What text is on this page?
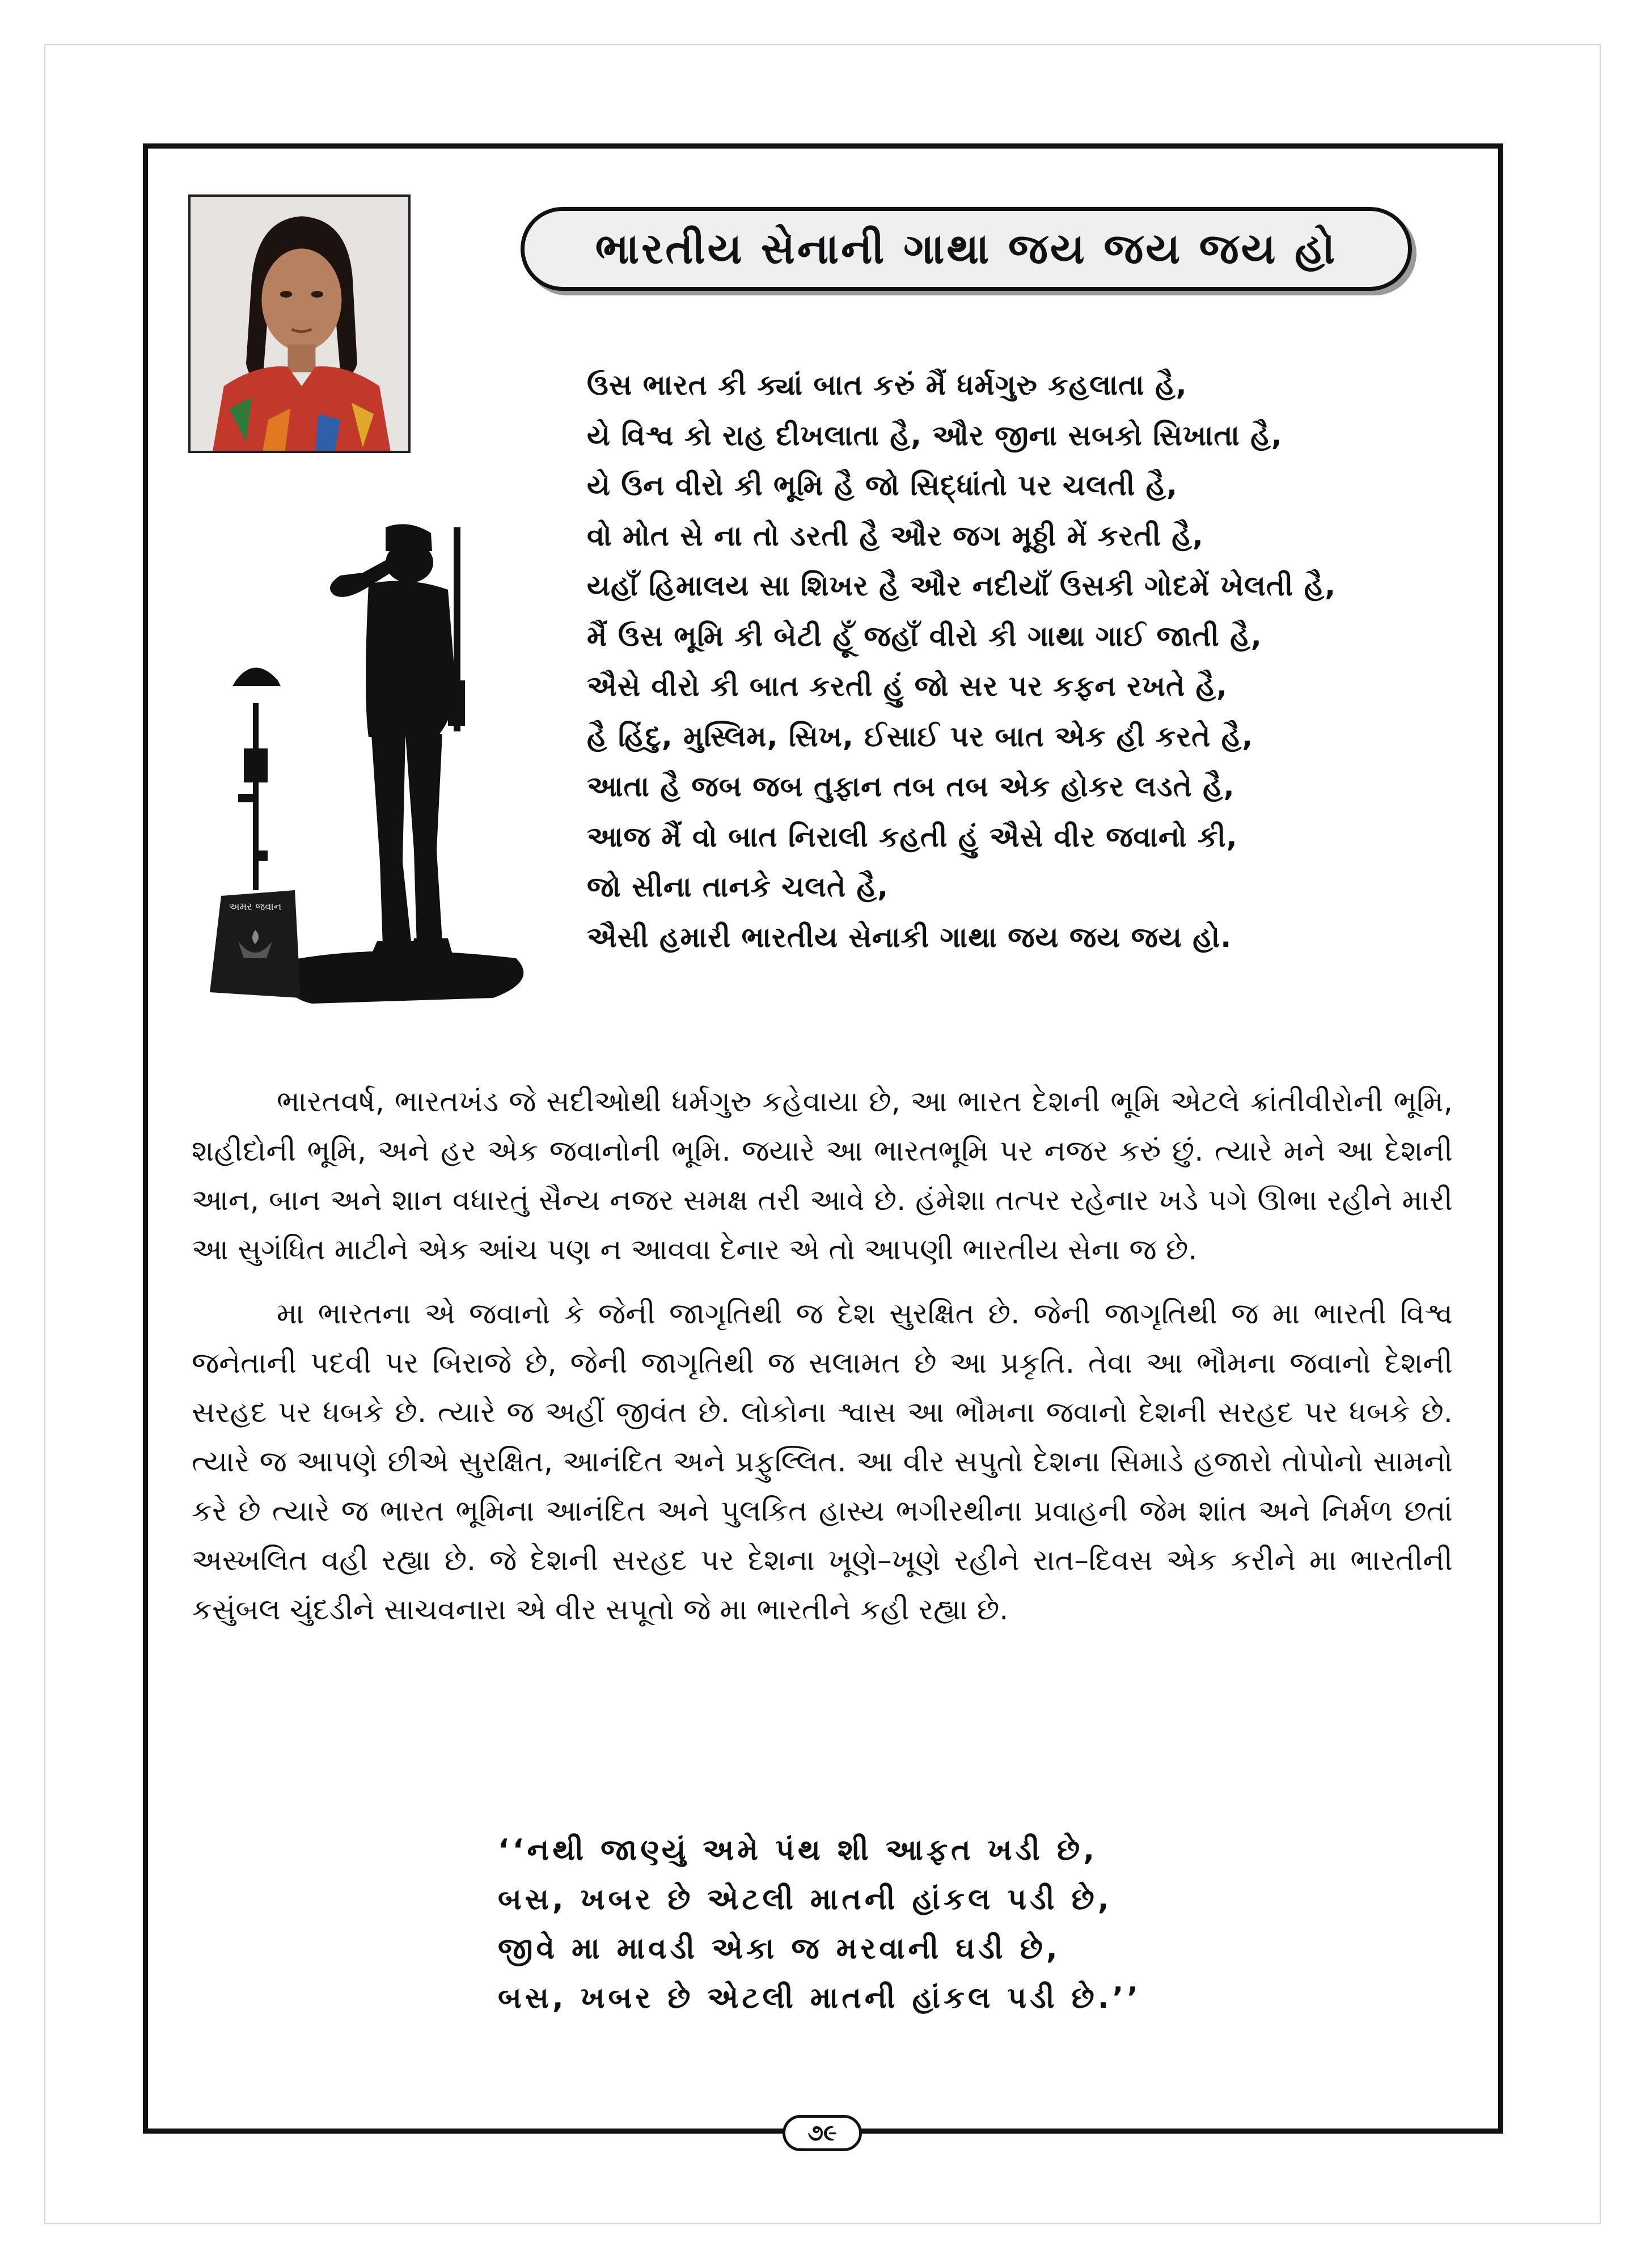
ભારતીય સેનાની ગાથા જય જય જય હો
ઉસ ભારત કી ક્યાં બાત કરું મૈં ધર્મગુરુ કહલાતા હૈ,
યે વિશ્વ કો રાહ દીખલાતા હૈ, ઔર જીના સબકો સિખાતા હૈ,
યે ઉન વીરો કી ભૂમિ હૈ જો સિદ્ધાંતો પર ચલતી હૈ,
વો મોત સે ના તો ડરતી હૈ ઔર જગ મૂઠ્ઠી મેં કરતી હૈ,
યહાઁ હિમાલય સા શિખર હૈ ઔર નદીયાઁ ઉસકી ગોદમેં ખેલતી હૈ,
મૈં ઉસ ભૂમિ કી બેટી હૂઁ જહાઁ વીરો કી ગાથા ગાઈ જાતી હૈ,
ઐસે વીરો કી બાત કરતી હું જો સર પર કફન રખતે હૈ,
હૈ હિંદુ, મુસ્લિમ, સિખ, ઈસાઈ પર બાત એક હી કરતે હૈ,
આતા હૈ જબ જબ તુફાન તબ તબ એક હોકર લડતે હૈ,
આજ મૈં વો બાત નિરાલી કહતી હું ઐસે વીર જવાનો કી,
જો સીના તાનકે ચલતે હૈ,
ઐસી હમારી ભારતીય સેનાકી ગાથા જય જય જય હો.
અમર જવાન

ભારતવર્ષ, ભારતખંડ જે સદીઓથી ધર્મગુરુ કહેવાયા છે, આ ભારત દેશની ભૂમિ એટલે ક્રાંતીવીરોની ભૂમિ, શહીદોની ભૂમિ, અને હર એક જવાનોની ભૂમિ. જયારે આ ભારતભૂમિ પર નજર કરું છું. ત્યારે મને આ દેશની આન, બાન અને શાન વધારતું સૈન્ય નજર સમક્ષ તરી આવે છે. હંમેશા તત્પર રહેનાર ખડે પગે ઊભા રહીને મારી આ સુગંધિત માટીને એક આંચ પણ ન આવવા દેનાર એ તો આપણી ભારતીય સેના જ છે.

મા ભારતના એ જવાનો કે જેની જાગૃતિથી જ દેશ સુરક્ષિત છે. જેની જાગૃતિથી જ મા ભારતી વિશ્વ જનેતાની પદવી પર બિરાજે છે, જેની જાગૃતિથી જ સલામત છે આ પ્રકૃતિ. તેવા આ ભૌમના જવાનો દેશની સરહદ પર ધબકે છે. ત્યારે જ અહીં જીવંત છે. લોકોના શ્વાસ આ ભૌમના જવાનો દેશની સરહદ પર ધબકે છે. ત્યારે જ આપણે છીએ સુરક્ષિત, આનંદિત અને પ્રફુલ્લિત. આ વીર સપુતો દેશના સિમાડે હજારો તોપોનો સામનો કરે છે ત્યારે જ ભારત ભૂમિના આનંદિત અને પુલકિત હાસ્ય ભગીરથીના પ્રવાહની જેમ શાંત અને નિર્મળ છતાં અસ્ખલિત વહી રહ્યા છે. જે દેશની સરહદ પર દેશના ખૂણે–ખૂણે રહીને રાત–દિવસ એક કરીને મા ભારતીની કસુંબલ ચુંદડીને સાચવનારા એ વીર સપૂતો જે મા ભારતીને કહી રહ્યા છે.

‘‘નથી જાણ્યું અમે પંથ શી આફત ખડી છે,
બસ, ખબર છે એટલી માતની હાંકલ પડી છે,
જીવે મા માવડી એકા જ મરવાની ઘડી છે,
બસ, ખબર છે એટલી માતની હાંકલ પડી છે.’’
૭૯
